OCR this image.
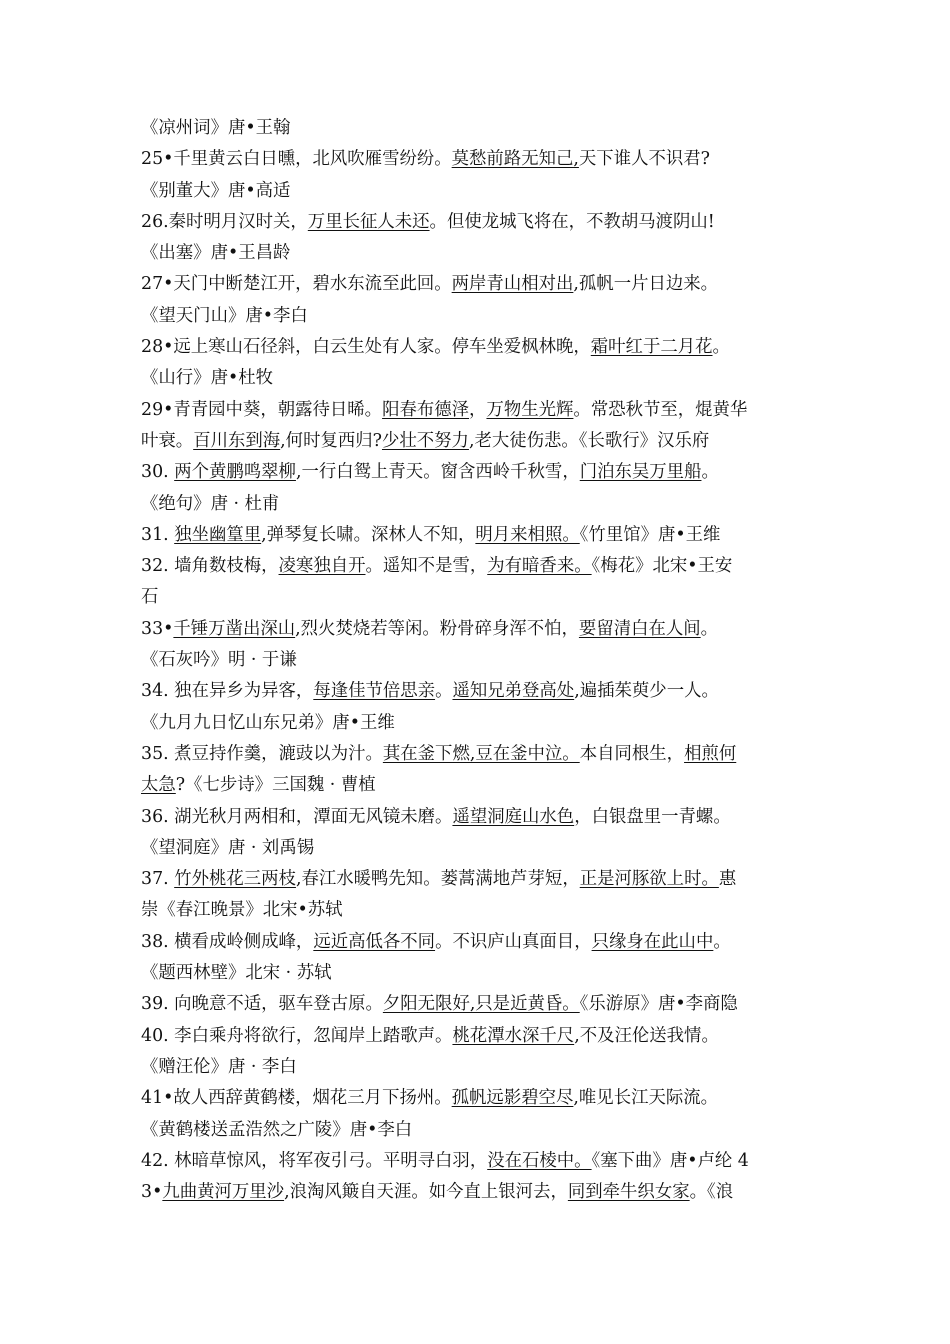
《凉州词》唐•王翰
25•千里黄云白日曛，北风吹雁雪纷纷。莫愁前路无知己,天下谁人不识君?
《别董大》唐•高适
26.秦时明月汉时关，万里长征人未还。但使龙城飞将在，不教胡马渡阴山!
《出塞》唐•王昌龄
27•天门中断楚江开，碧水东流至此回。两岸青山相对出,孤帆一片日边来。
《望天门山》唐•李白
28•远上寒山石径斜，白云生处有人家。停车坐爱枫林晚，霜叶红于二月花。
《山行》唐•杜牧
29•青青园中葵，朝露待日晞。阳春布德泽，万物生光辉。常恐秋节至，焜黄华
叶衰。百川东到海,何时复西归?少壮不努力,老大徒伤悲。《长歌行》汉乐府
30. 两个黄鹏鸣翠柳,一行白鸳上青天。窗含西岭千秋雪，门泊东吴万里船。
《绝句》唐 · 杜甫
31. 独坐幽篁里,弹琴复长啸。深林人不知，明月来相照。《竹里馆》唐•王维
32. 墙角数枝梅，凌寒独自开。遥知不是雪，为有暗香来。《梅花》北宋•王安
石
33•千锤万凿出深山,烈火焚烧若等闲。粉骨碎身浑不怕，要留清白在人间。
《石灰吟》明 · 于谦
34. 独在异乡为异客，每逢佳节倍思亲。遥知兄弟登高处,遍插茱萸少一人。
《九月九日忆山东兄弟》唐•王维
35. 煮豆持作羹，漉豉以为汁。萁在釜下燃,豆在釜中泣。本自同根生，相煎何
太急?《七步诗》三国魏 · 曹植
36. 湖光秋月两相和，潭面无风镜未磨。遥望洞庭山水色，白银盘里一青螺。
《望洞庭》唐 · 刘禹锡
37. 竹外桃花三两枝,春江水暖鸭先知。蒌蒿满地芦芽短，正是河豚欲上时。惠
崇《春江晚景》北宋•苏轼
38. 横看成岭侧成峰，远近高低各不同。不识庐山真面目，只缘身在此山中。
《题西林壁》北宋 · 苏轼
39. 向晚意不适，驱车登古原。夕阳无限好,只是近黄昏。《乐游原》唐•李商隐
40. 李白乘舟将欲行，忽闻岸上踏歌声。桃花潭水深千尺,不及汪伦送我情。
《赠汪伦》唐 · 李白
41•故人西辞黄鹤楼，烟花三月下扬州。孤帆远影碧空尽,唯见长江天际流。
《黄鹤楼送孟浩然之广陵》唐•李白
42. 林暗草惊风，将军夜引弓。平明寻白羽，没在石棱中。《塞下曲》唐•卢纶 4
3•九曲黄河万里沙,浪淘风簸自天涯。如今直上银河去，同到牵牛织女家。《浪
